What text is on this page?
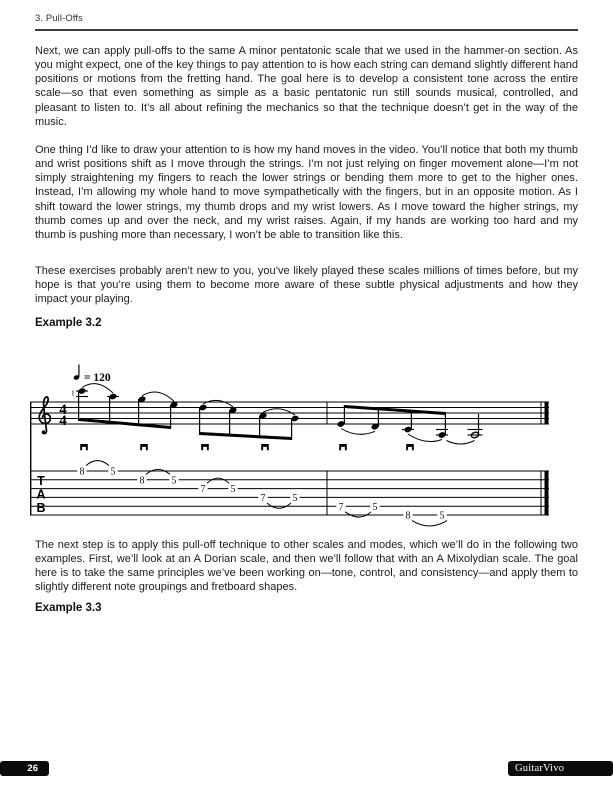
3. Pull-Offs

Next, we can apply pull-offs to the same A minor pentatonic scale that we used in the hammer-on section. As you might expect, one of the key things to pay attention to is how each string can demand slightly different hand positions or motions from the fretting hand. The goal here is to develop a consistent tone across the entire scale—so that even something as simple as a basic pentatonic run still sounds musical, controlled, and pleasant to listen to. It’s all about refining the mechanics so that the technique doesn’t get in the way of the music.

One thing I’d like to draw your attention to is how my hand moves in the video. You’ll notice that both my thumb and wrist positions shift as I move through the strings. I’m not just relying on finger movement alone—I’m not simply straightening my fingers to reach the lower strings or bending them more to get to the higher ones. Instead, I’m allowing my whole hand to move sympathetically with the fingers, but in an opposite motion. As I shift toward the lower strings, my thumb drops and my wrist lowers. As I move toward the higher strings, my thumb comes up and over the neck, and my wrist raises. Again, if my hands are working too hard and my thumb is pushing more than necessary, I won’t be able to transition like this.

These exercises probably aren’t new to you, you’ve likely played these scales millions of times before, but my hope is that you’re using them to become more aware of these subtle physical adjustments and how they impact your playing.

Example 3.2
= 120
4
4
1
T
A
B
8	5
8	5
7	5
7	5
7	5
8	5

The next step is to apply this pull-off technique to other scales and modes, which we’ll do in the following two examples. First, we’ll look at an A Dorian scale, and then we’ll follow that with an A Mixolydian scale. The goal here is to take the same principles we’ve been working on—tone, control, and consistency—and apply them to slightly different note groupings and fretboard shapes.

Example 3.3
26	GuitarVivo
